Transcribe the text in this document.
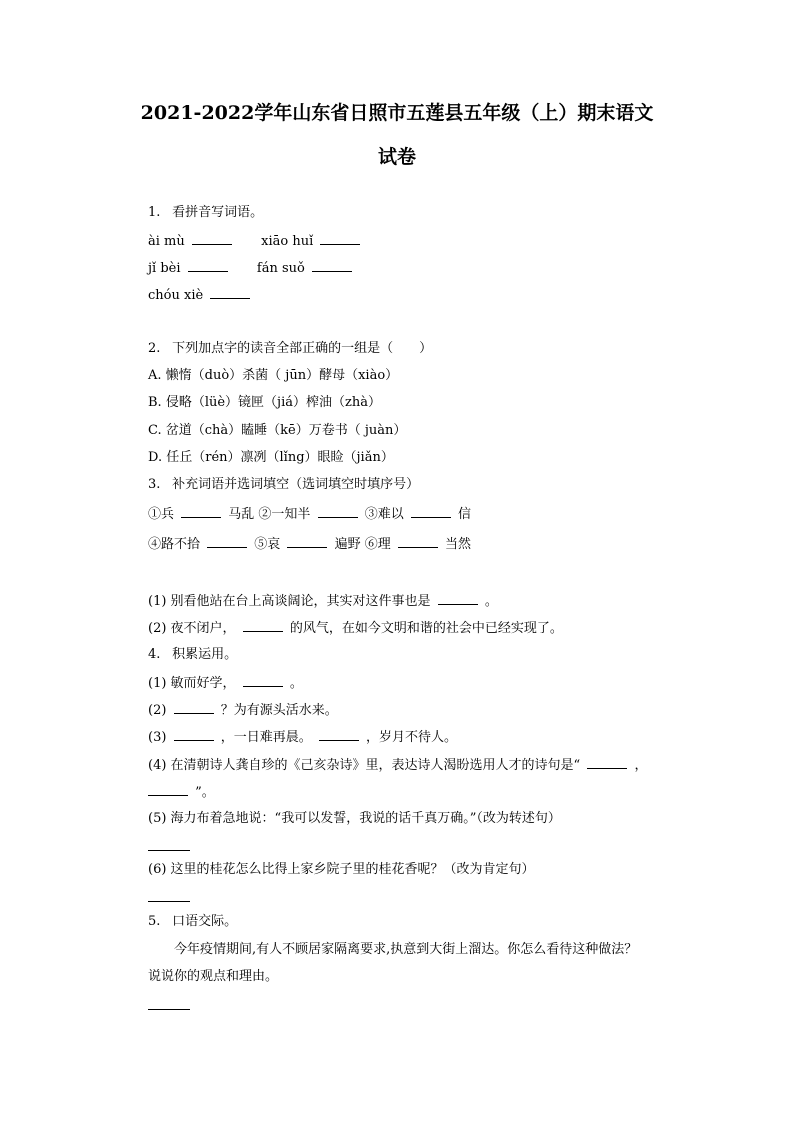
2021-2022学年山东省日照市五莲县五年级（上）期末语文
试卷
1. 看拼音写词语。
ài mù	xiāo huǐ
jǐ bèi	fán suǒ
chóu xiè
2. 下列加点字的读音全部正确的一组是（　　）
A. 懒惰（duò）杀菌（ jūn）酵母（xiào）
B. 侵略（lüè）镜匣（jiá）榨油（zhà）
C. 岔道（chà）瞌睡（kē）万卷书（ juàn）
D. 任丘（rén）凛冽（lǐng）眼睑（jiǎn）
3. 补充词语并选词填空（选词填空时填序号）
①兵	马乱 ②一知半	③难以	信
④路不拾	⑤哀	遍野 ⑥理	当然
(1) 别看他站在台上高谈阔论，其实对这件事也是	。
(2) 夜不闭户，	的风气，在如今文明和谐的社会中已经实现了。
4. 积累运用。
(1) 敏而好学，	。
(2)	？为有源头活水来。
(3)	，一日难再晨。	，岁月不待人。
(4) 在清朝诗人龚自珍的《己亥杂诗》里，表达诗人渴盼选用人才的诗句是“	，
”。
(5) 海力布着急地说：“我可以发誓，我说的话千真万确。”（改为转述句）
(6) 这里的桂花怎么比得上家乡院子里的桂花香呢？（改为肯定句）
5. 口语交际。
今年疫情期间,有人不顾居家隔离要求,执意到大街上溜达。你怎么看待这种做法？
说说你的观点和理由。
